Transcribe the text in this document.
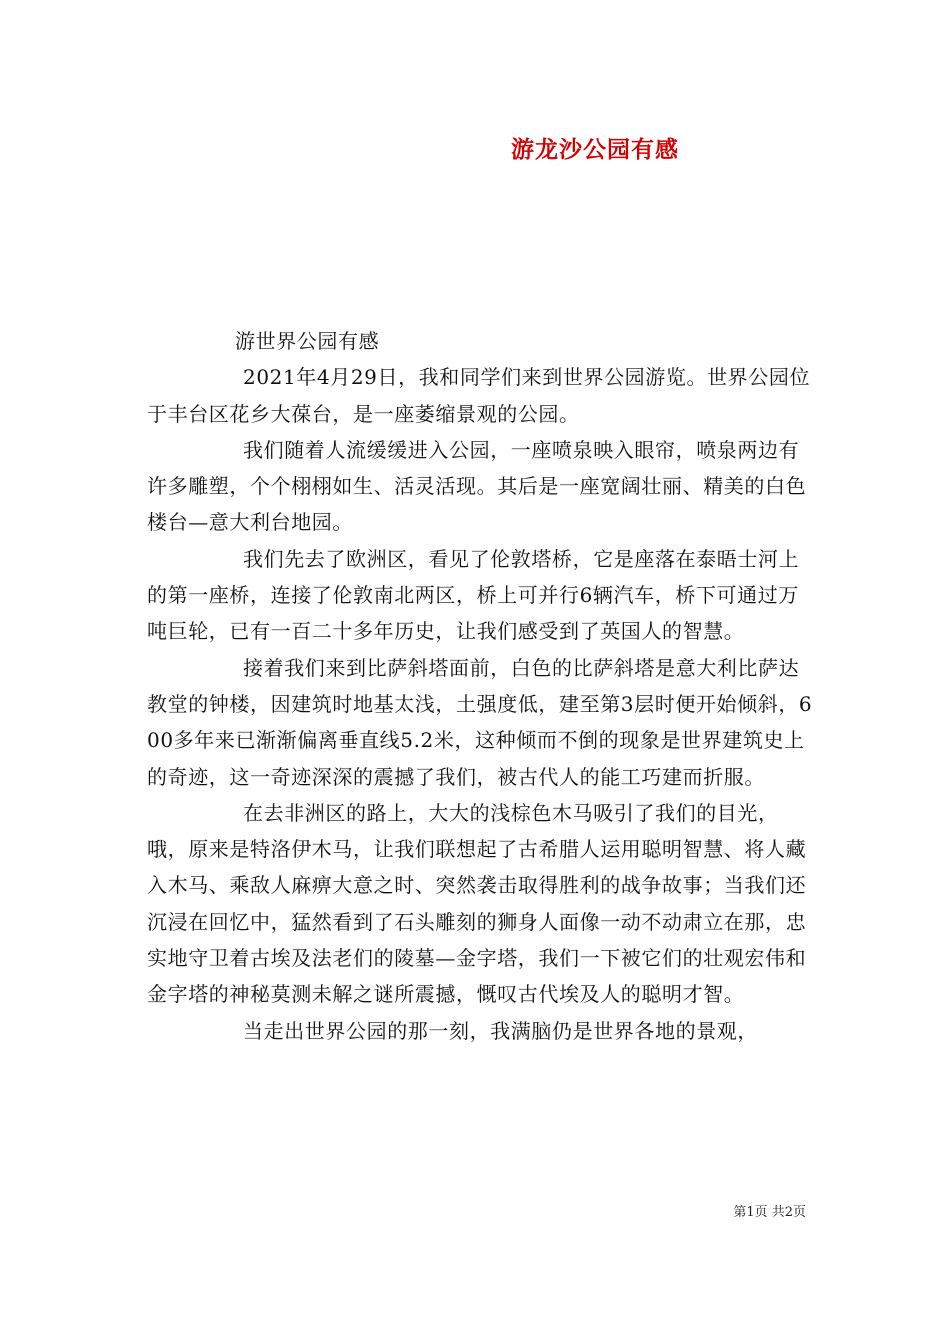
游龙沙公园有感

游世界公园有感

2021年4月29日，我和同学们来到世界公园游览。世界公园位于丰台区花乡大葆台，是一座萎缩景观的公园。

我们随着人流缓缓进入公园，一座喷泉映入眼帘，喷泉两边有许多雕塑，个个栩栩如生、活灵活现。其后是一座宽阔壮丽、精美的白色楼台—意大利台地园。

我们先去了欧洲区，看见了伦敦塔桥，它是座落在泰晤士河上的第一座桥，连接了伦敦南北两区，桥上可并行6辆汽车，桥下可通过万吨巨轮，已有一百二十多年历史，让我们感受到了英国人的智慧。

接着我们来到比萨斜塔面前，白色的比萨斜塔是意大利比萨达教堂的钟楼，因建筑时地基太浅，土强度低，建至第3层时便开始倾斜，600多年来已渐渐偏离垂直线5.2米，这种倾而不倒的现象是世界建筑史上的奇迹，这一奇迹深深的震撼了我们，被古代人的能工巧建而折服。

在去非洲区的路上，大大的浅棕色木马吸引了我们的目光，哦，原来是特洛伊木马，让我们联想起了古希腊人运用聪明智慧、将人藏入木马、乘敌人麻痹大意之时、突然袭击取得胜利的战争故事；当我们还沉浸在回忆中，猛然看到了石头雕刻的狮身人面像一动不动肃立在那，忠实地守卫着古埃及法老们的陵墓—金字塔，我们一下被它们的壮观宏伟和金字塔的神秘莫测未解之谜所震撼，慨叹古代埃及人的聪明才智。

当走出世界公园的那一刻，我满脑仍是世界各地的景观，

第1页 共2页
